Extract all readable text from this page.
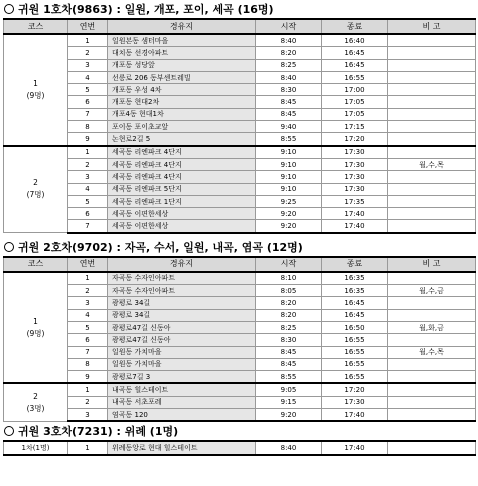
귀원 1호차(9863) : 일원, 개포, 포이, 세곡 (16명)
코스	연번	경유지	시작	종료	비 고

1
(9명)	1	일원본동 샘터마을	8:40	16:40	
	2	대치동 선경아파트	8:20	16:45	
	3	개포동 성당앞	8:25	16:45	
	4	선릉로 206 동부센트레빌	8:40	16:55	
	5	개포동 우성 4차	8:30	17:00	
	6	개포동 현대2차	8:45	17:05	
	7	개포4동 현대1차	8:45	17:05	
	8	포이동 포이초교앞	9:40	17:15	
	9	논현로2길 5	8:55	17:20	

2
(7명)	1	세곡동 리엔파크 4단지	9:10	17:30	
	2	세곡동 리엔파크 4단지	9:10	17:30	월,수,목
	3	세곡동 리엔파크 4단지	9:10	17:30	
	4	세곡동 리엔파크 5단지	9:10	17:30	
	5	세곡동 리엔파크 1단지	9:25	17:35	
	6	세곡동 이편한세상	9:20	17:40	
	7	세곡동 이편한세상	9:20	17:40	
귀원 2호차(9702) : 자곡, 수서, 일원, 내곡, 염곡 (12명)
코스	연번	경유지	시작	종료	비 고

1
(9명)	1	자곡동 수자인아파트	8:10	16:35	
	2	자곡동 수자인아파트	8:05	16:35	월,수,금
	3	광평로 34길	8:20	16:45	
	4	광평로 34길	8:20	16:45	
	5	광평로47길 신동아	8:25	16:50	월,화,금
	6	광평로47길 신동아	8:30	16:55	
	7	일원동 가치마을	8:45	16:55	월,수,목
	8	일원동 가치마을	8:45	16:55	
	9	광평로7길 3	8:55	16:55	

2
(3명)	1	내곡동 힐스테이트	9:05	17:20	
	2	내곡동 서초포레	9:15	17:30	
	3	염곡동 120	9:20	17:40	
귀원 3호차(7231) : 위례 (1명)
1차(1명)	1	위례동앙로 현대 힐스테이트	8:40	17:40	
